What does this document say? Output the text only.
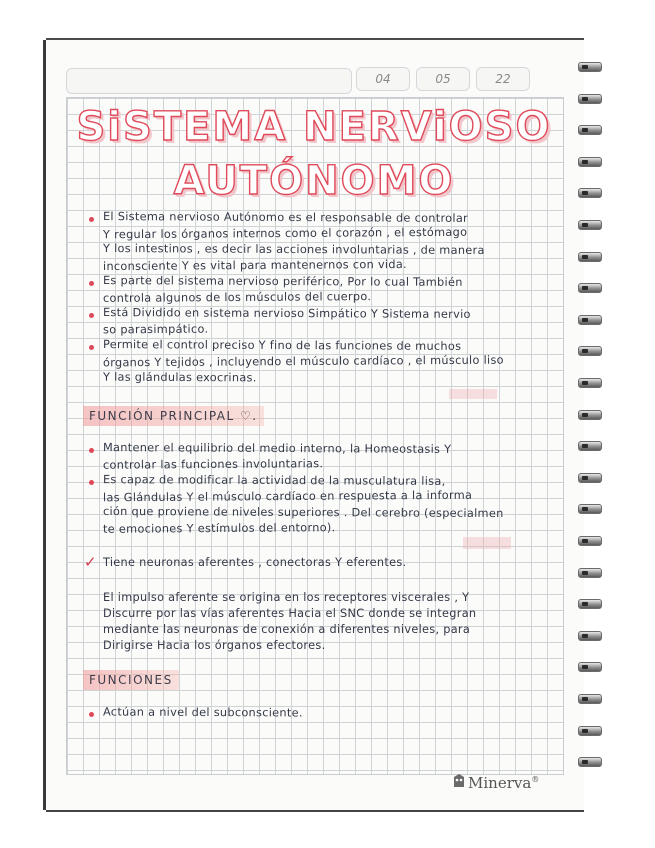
04	05	22
SiSTEMA NERViOSO
AUTÓNOMO
El Sistema nervioso Autónomo es el responsable de controlar
Y regular los órganos internos como el corazón , el estómago
Y los intestinos , es decir las acciones involuntarias , de manera
inconsciente Y es vital para mantenernos con vida.
Es parte del sistema nervioso periférico, Por lo cual También
controla algunos de los músculos del cuerpo.
Está Dividido en sistema nervioso Simpático Y Sistema nervio
so parasimpático.
Permite el control preciso Y fino de las funciones de muchos
órganos Y tejidos , incluyendo el músculo cardíaco , el músculo liso
Y las glándulas exocrinas.
FUNCIÓN PRINCIPAL ♡.
Mantener el equilibrio del medio interno, la Homeostasis Y
controlar las funciones involuntarias.
Es capaz de modificar la actividad de la musculatura lisa,
las Glándulas Y el músculo cardíaco en respuesta a la informa
ción que proviene de niveles superiores . Del cerebro (especialmen
te emociones Y estímulos del entorno).
✓ Tiene neuronas aferentes , conectoras Y eferentes.
El impulso aferente se origina en los receptores viscerales , Y
Discurre por las vías aferentes Hacia el SNC donde se integran
mediante las neuronas de conexión a diferentes niveles, para
Dirigirse Hacia los órganos efectores.
FUNCIONES
Actúan a nivel del subconsciente.
Minerva®
